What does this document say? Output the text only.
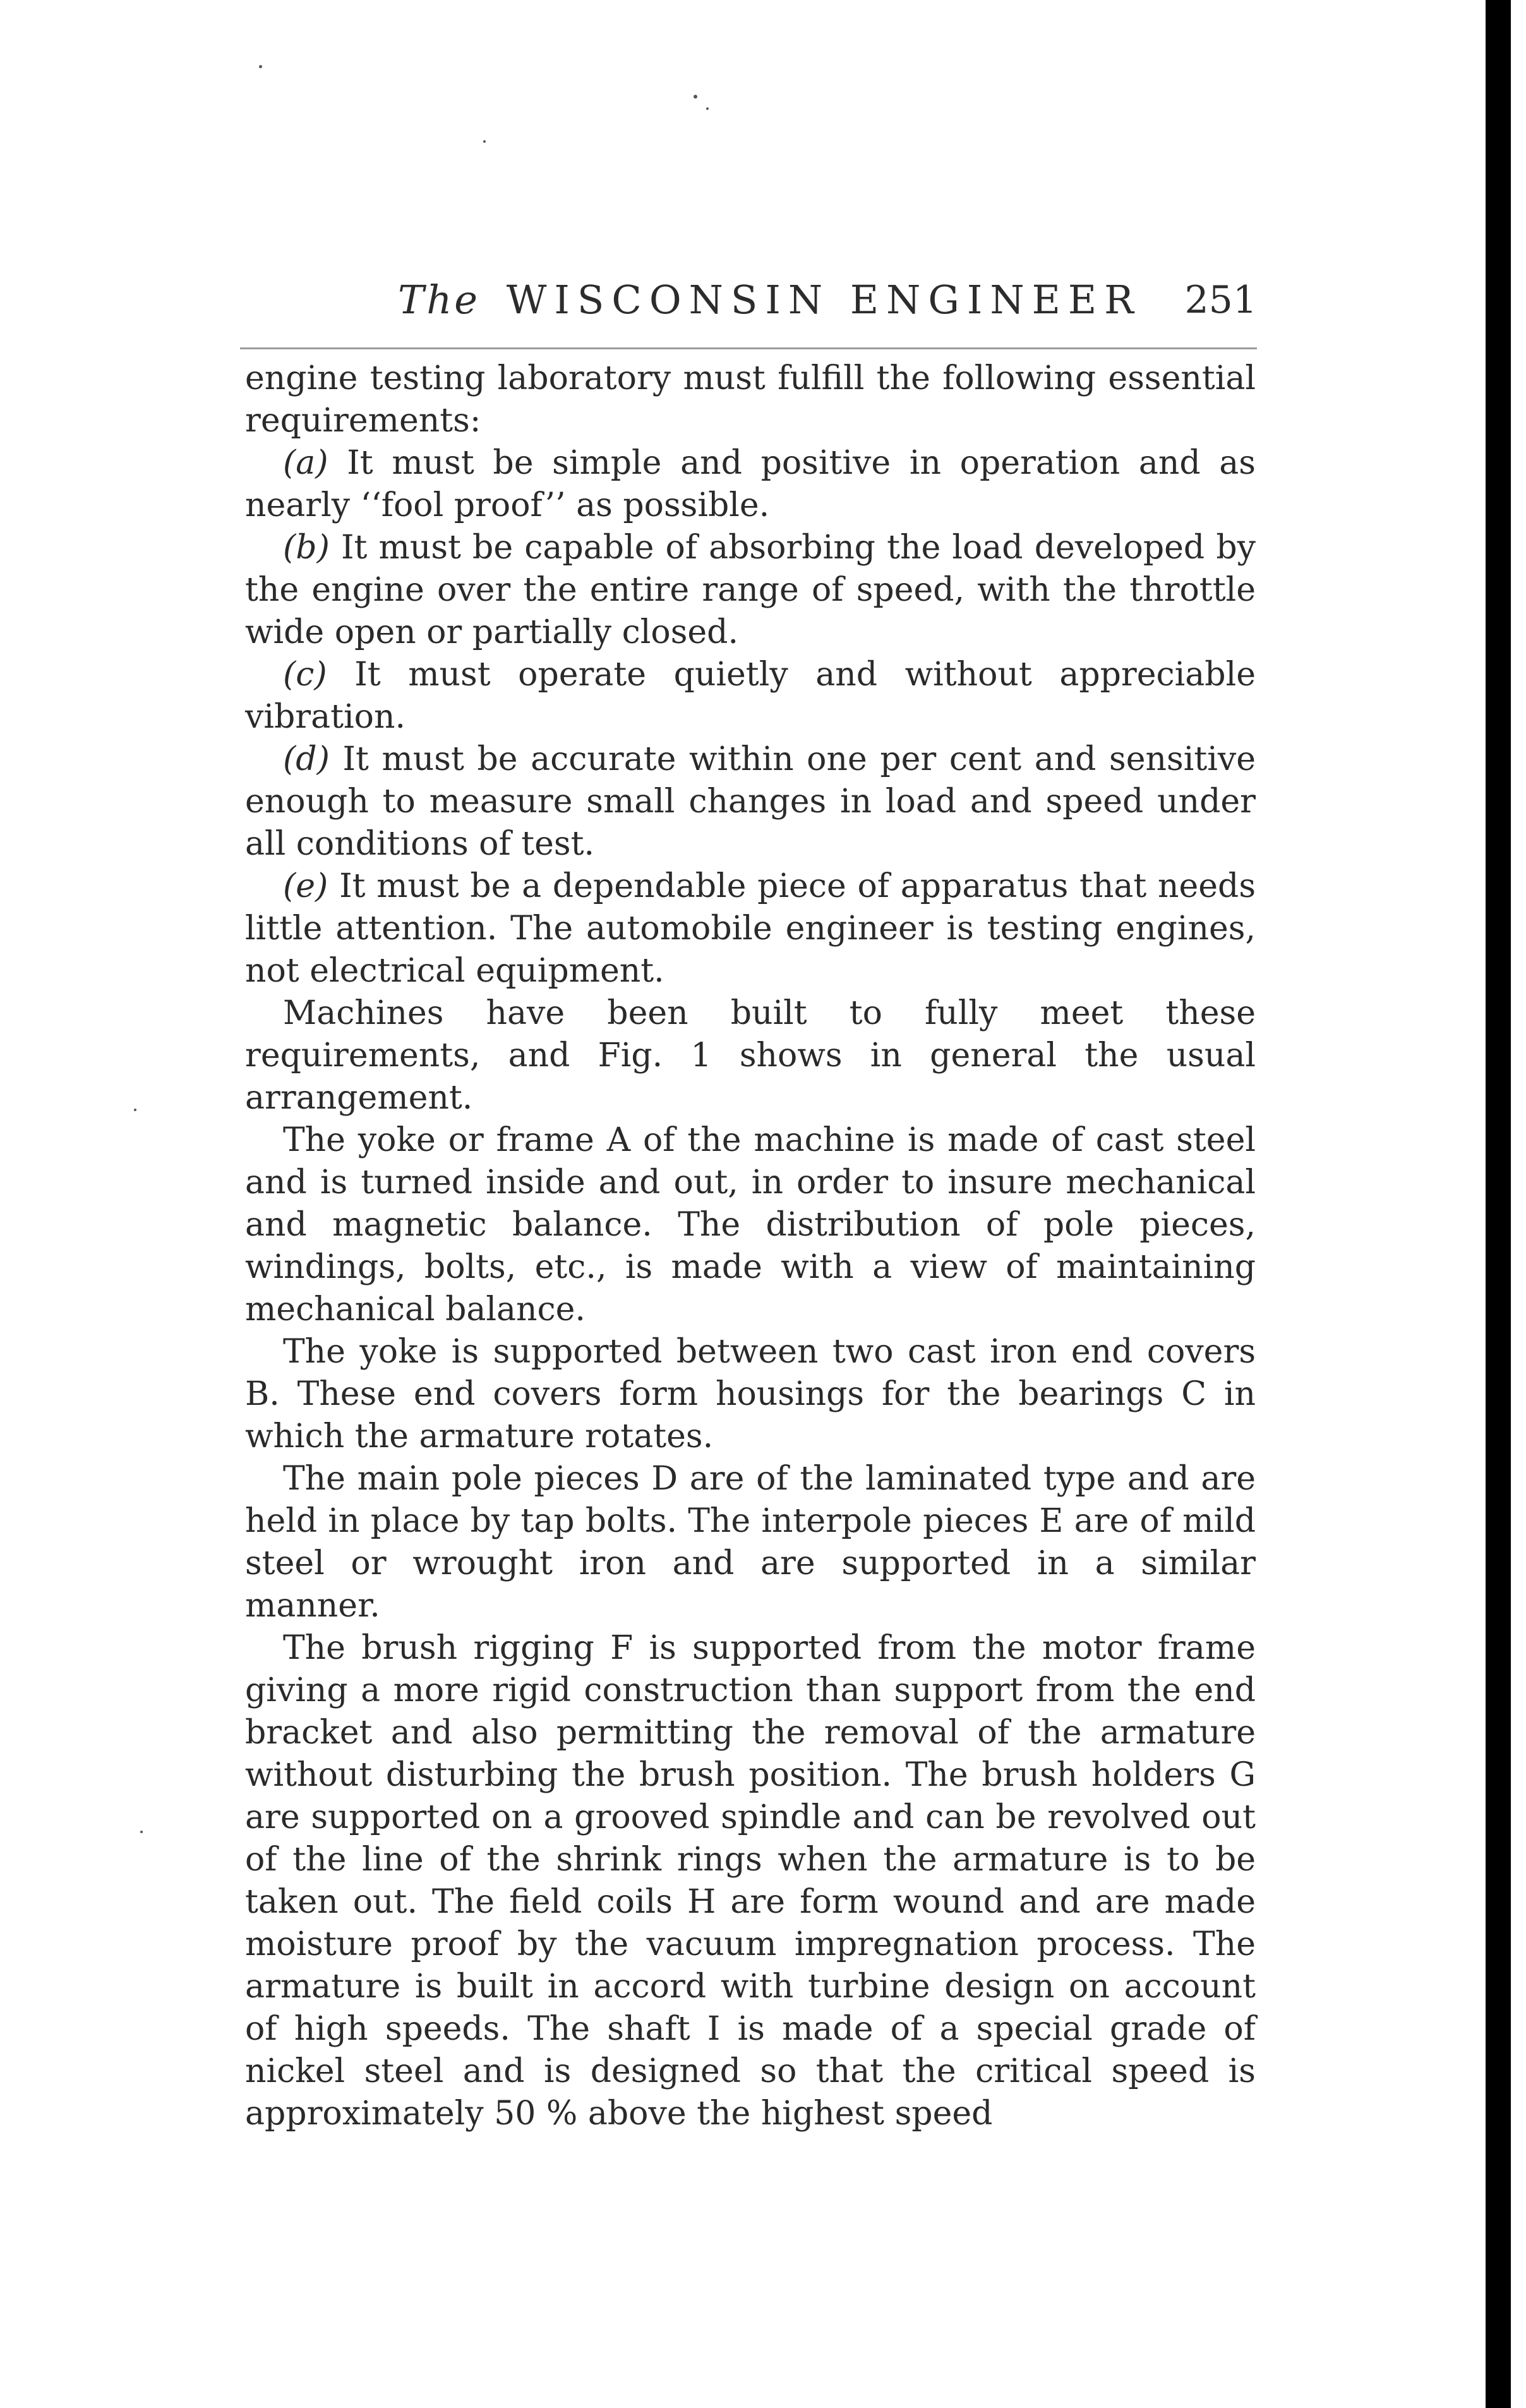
The WISCONSIN ENGINEER 251

engine testing laboratory must fulfill the following essential requirements:

(a) It must be simple and positive in operation and as nearly ‘‘fool proof’’ as possible.

(b) It must be capable of absorbing the load developed by the engine over the entire range of speed, with the throttle wide open or partially closed.

(c) It must operate quietly and without appreciable vibration.

(d) It must be accurate within one per cent and sensitive enough to measure small changes in load and speed under all conditions of test.

(e) It must be a dependable piece of apparatus that needs little attention. The automobile engineer is testing engines, not electrical equipment.

Machines have been built to fully meet these requirements, and Fig. 1 shows in general the usual arrangement.

The yoke or frame A of the machine is made of cast steel and is turned inside and out, in order to insure mechanical and magnetic balance. The distribution of pole pieces, windings, bolts, etc., is made with a view of maintaining mechanical balance.

The yoke is supported between two cast iron end covers B. These end covers form housings for the bearings C in which the armature rotates.

The main pole pieces D are of the laminated type and are held in place by tap bolts. The interpole pieces E are of mild steel or wrought iron and are supported in a similar manner.

The brush rigging F is supported from the motor frame giving a more rigid construction than support from the end bracket and also permitting the removal of the armature without disturbing the brush position. The brush holders G are supported on a grooved spindle and can be revolved out of the line of the shrink rings when the armature is to be taken out. The field coils H are form wound and are made moisture proof by the vacuum impregnation process. The armature is built in accord with turbine design on account of high speeds. The shaft I is made of a special grade of nickel steel and is designed so that the critical speed is approximately 50 % above the highest speed
